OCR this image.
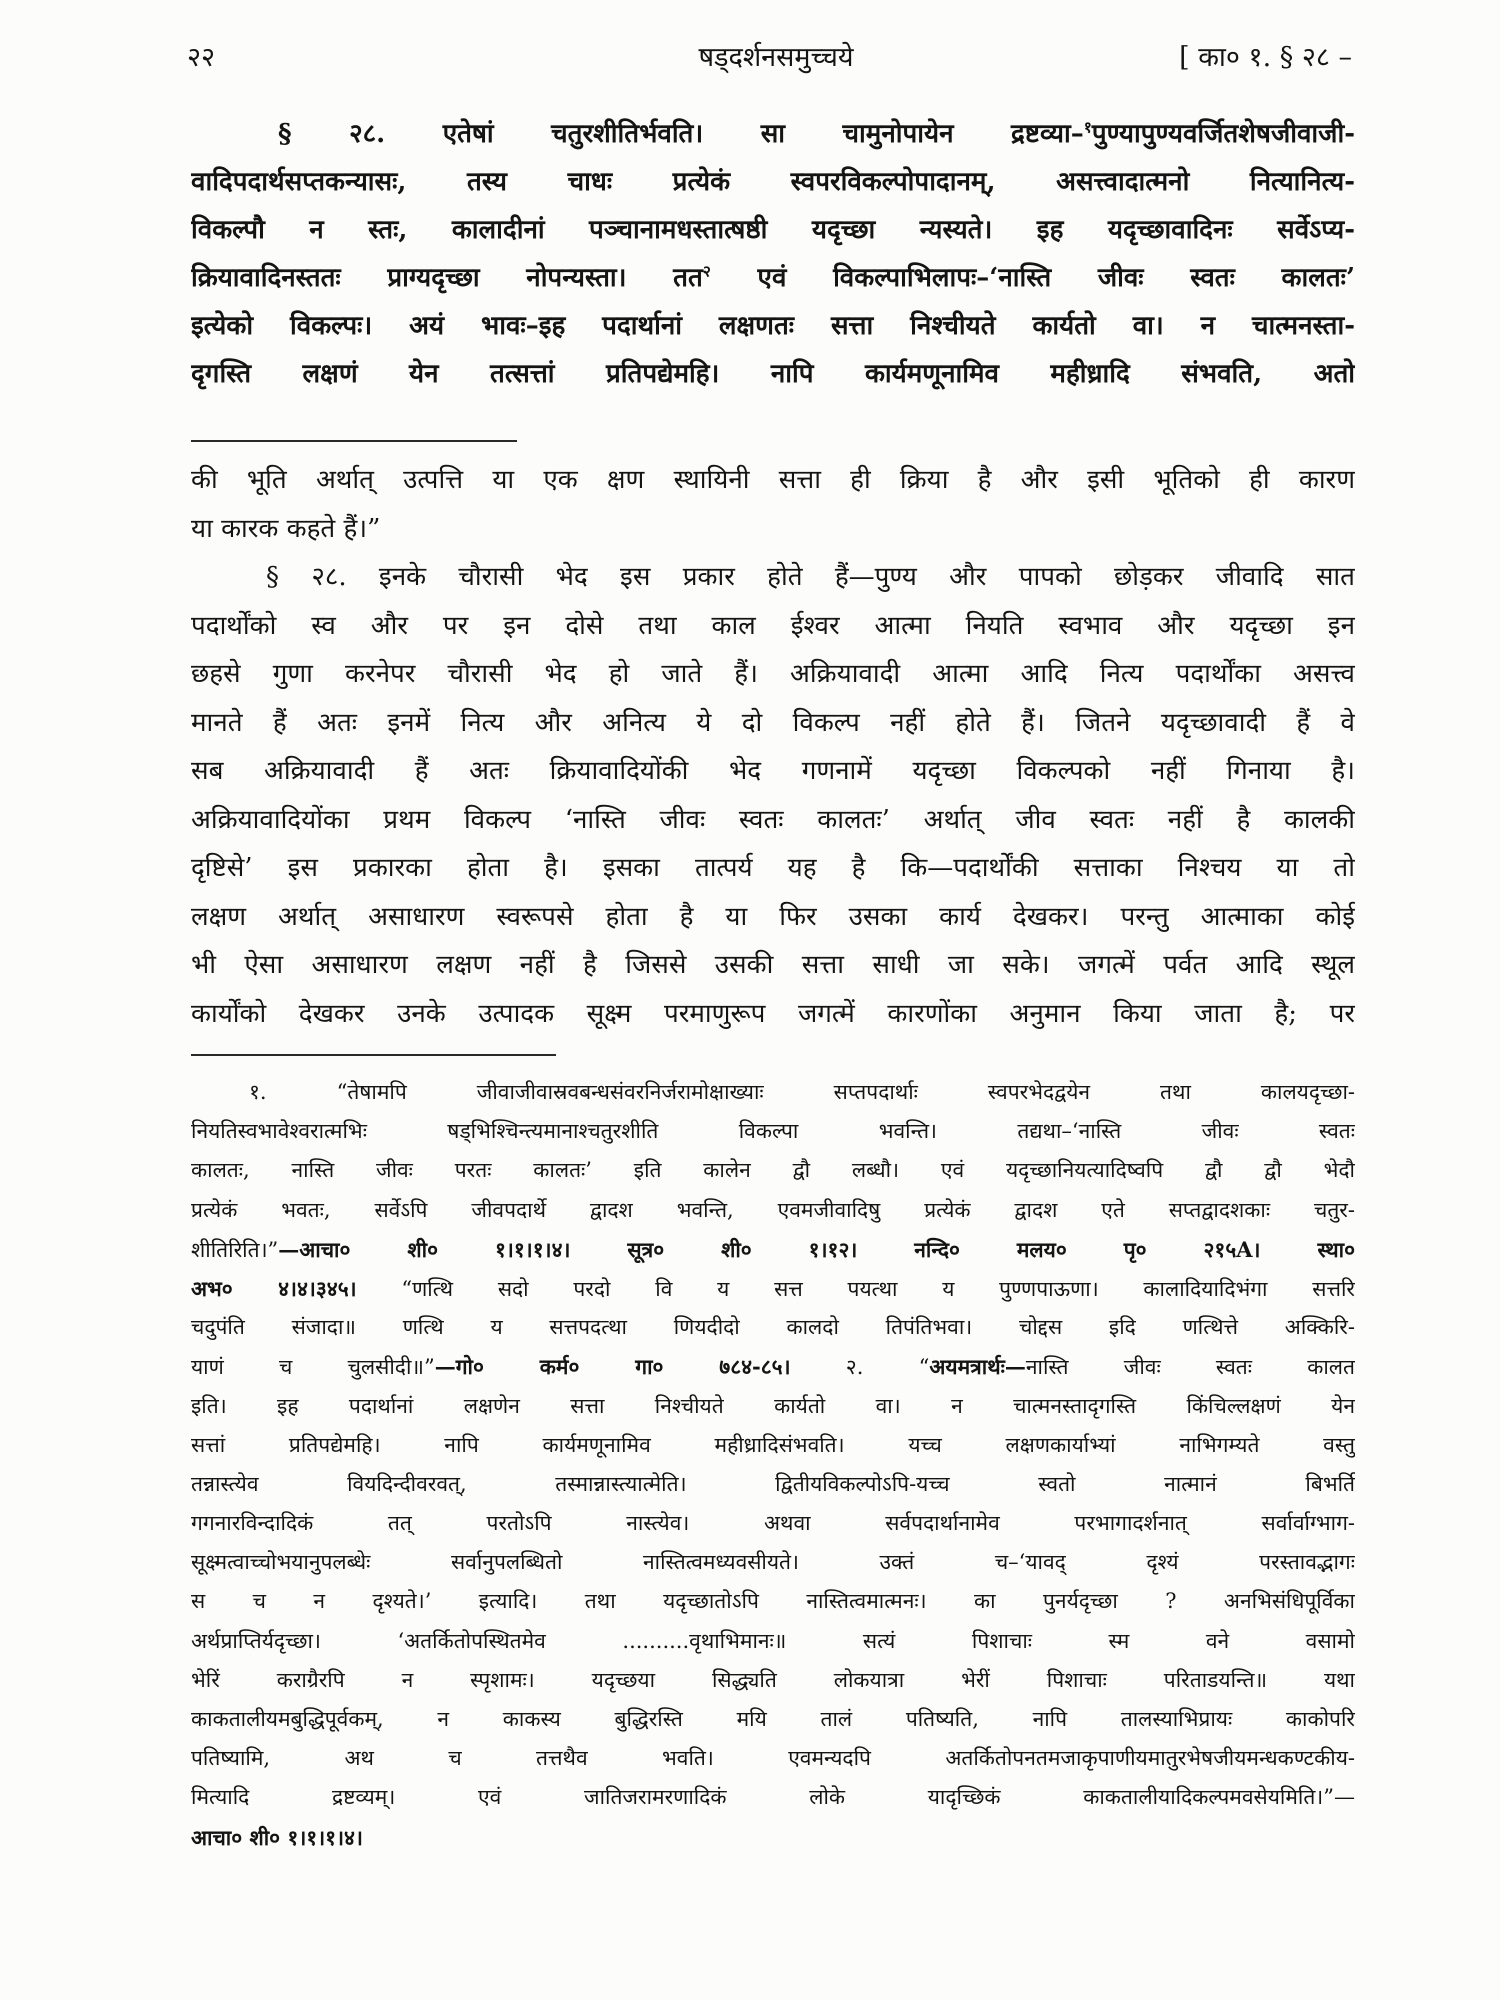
२२	षड्दर्शनसमुच्चये	[ का० १. § २८ –
§ २८. एतेषां चतुरशीतिर्भवति। सा चामुनोपायेन द्रष्टव्या–$^१$पुण्यापुण्यवर्जितशेषजीवाजी-
वादिपदार्थसप्तकन्यासः, तस्य चाधः प्रत्येकं स्वपरविकल्पोपादानम्, असत्त्वादात्मनो नित्यानित्य-
विकल्पौ न स्तः, कालादीनां पञ्चानामधस्तात्षष्ठी यदृच्छा न्यस्यते। इह यदृच्छावादिनः सर्वेऽप्य-
क्रियावादिनस्ततः प्राग्यदृच्छा नोपन्यस्ता। तत$^२$ एवं विकल्पाभिलापः–‘नास्ति जीवः स्वतः कालतः’
इत्येको विकल्पः। अयं भावः–इह पदार्थानां लक्षणतः सत्ता निश्चीयते कार्यतो वा। न चात्मनस्ता-
दृगस्ति लक्षणं येन तत्सत्तां प्रतिपद्येमहि। नापि कार्यमणूनामिव महीध्रादि संभवति, अतो
की भूति अर्थात् उत्पत्ति या एक क्षण स्थायिनी सत्ता ही क्रिया है और इसी भूतिको ही कारण
या कारक कहते हैं।”
§ २८. इनके चौरासी भेद इस प्रकार होते हैं—पुण्य और पापको छोड़कर जीवादि सात
पदार्थोंको स्व और पर इन दोसे तथा काल ईश्वर आत्मा नियति स्वभाव और यदृच्छा इन
छहसे गुणा करनेपर चौरासी भेद हो जाते हैं। अक्रियावादी आत्मा आदि नित्य पदार्थोंका असत्त्व
मानते हैं अतः इनमें नित्य और अनित्य ये दो विकल्प नहीं होते हैं। जितने यदृच्छावादी हैं वे
सब अक्रियावादी हैं अतः क्रियावादियोंकी भेद गणनामें यदृच्छा विकल्पको नहीं गिनाया है।
अक्रियावादियोंका प्रथम विकल्प ‘नास्ति जीवः स्वतः कालतः’ अर्थात् जीव स्वतः नहीं है कालकी
दृष्टिसे’ इस प्रकारका होता है। इसका तात्पर्य यह है कि—पदार्थोंकी सत्ताका निश्चय या तो
लक्षण अर्थात् असाधारण स्वरूपसे होता है या फिर उसका कार्य देखकर। परन्तु आत्माका कोई
भी ऐसा असाधारण लक्षण नहीं है जिससे उसकी सत्ता साधी जा सके। जगत्में पर्वत आदि स्थूल
कार्योंको देखकर उनके उत्पादक सूक्ष्म परमाणुरूप जगत्में कारणोंका अनुमान किया जाता है; पर
१. “तेषामपि जीवाजीवास्रवबन्धसंवरनिर्जरामोक्षाख्याः सप्तपदार्थाः स्वपरभेदद्वयेन तथा कालयदृच्छा-
नियतिस्वभावेश्वरात्मभिः षड्भिश्चिन्त्यमानाश्चतुरशीति विकल्पा भवन्ति। तद्यथा–‘नास्ति जीवः स्वतः
कालतः, नास्ति जीवः परतः कालतः’ इति कालेन द्वौ लब्धौ। एवं यदृच्छानियत्यादिष्वपि द्वौ द्वौ भेदौ
प्रत्येकं भवतः, सर्वेऽपि जीवपदार्थे द्वादश भवन्ति, एवमजीवादिषु प्रत्येकं द्वादश एते सप्तद्वादशकाः चतुर-
शीतिरिति।”—आचा० शी० १।१।१।४। सूत्र० शी० १।१२। नन्दि० मलय० पृ० २१५A। स्था०
अभ० ४।४।३४५। “णत्थि सदो परदो वि य सत्त पयत्था य पुण्णपाऊणा। कालादियादिभंगा सत्तरि
चदुपंति संजादा॥ णत्थि य सत्तपदत्था णियदीदो कालदो तिपंतिभवा। चोद्दस इदि णत्थित्ते अक्किरि-
याणं च चुलसीदी॥”—गो० कर्म० गा० ७८४-८५। २. “अयमत्रार्थः—नास्ति जीवः स्वतः कालत
इति। इह पदार्थानां लक्षणेन सत्ता निश्चीयते कार्यतो वा। न चात्मनस्तादृगस्ति किंचिल्लक्षणं येन
सत्तां प्रतिपद्येमहि। नापि कार्यमणूनामिव महीध्रादिसंभवति। यच्च लक्षणकार्याभ्यां नाभिगम्यते वस्तु
तन्नास्त्येव वियदिन्दीवरवत्, तस्मान्नास्त्यात्मेति। द्वितीयविकल्पोऽपि-यच्च स्वतो नात्मानं बिभर्ति
गगनारविन्दादिकं तत् परतोऽपि नास्त्येव। अथवा सर्वपदार्थानामेव परभागादर्शनात् सर्वार्वाग्भाग-
सूक्ष्मत्वाच्चोभयानुपलब्धेः सर्वानुपलब्धितो नास्तित्वमध्यवसीयते। उक्तं च–‘यावद् दृश्यं परस्तावद्भागः
स च न दृश्यते।’ इत्यादि। तथा यदृच्छातोऽपि नास्तित्वमात्मनः। का पुनर्यदृच्छा ? अनभिसंधिपूर्विका
अर्थप्राप्तिर्यदृच्छा। ‘अतर्कितोपस्थितमेव ..........वृथाभिमानः॥ सत्यं पिशाचाः स्म वने वसामो
भेरिं कराग्रैरपि न स्पृशामः। यदृच्छया सिद्ध्यति लोकयात्रा भेरीं पिशाचाः परिताडयन्ति॥ यथा
काकतालीयमबुद्धिपूर्वकम्, न काकस्य बुद्धिरस्ति मयि तालं पतिष्यति, नापि तालस्याभिप्रायः काकोपरि
पतिष्यामि, अथ च तत्तथैव भवति। एवमन्यदपि अतर्कितोपनतमजाकृपाणीयमातुरभेषजीयमन्धकण्टकीय-
मित्यादि द्रष्टव्यम्। एवं जातिजरामरणादिकं लोके यादृच्छिकं काकतालीयादिकल्पमवसेयमिति।”—
आचा० शी० १।१।१।४।
